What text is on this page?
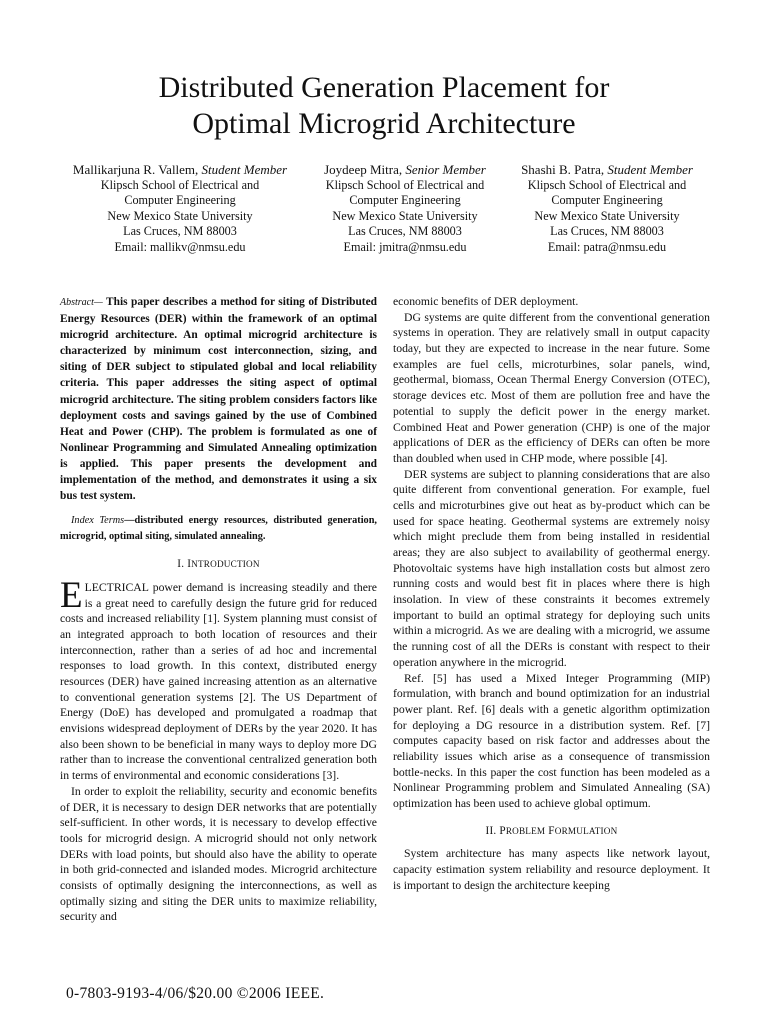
Distributed Generation Placement for
Optimal Microgrid Architecture
Mallikarjuna R. Vallem, Student Member
Klipsch School of Electrical and
Computer Engineering
New Mexico State University
Las Cruces, NM 88003
Email: mallikv@nmsu.edu
Joydeep Mitra, Senior Member
Klipsch School of Electrical and
Computer Engineering
New Mexico State University
Las Cruces, NM 88003
Email: jmitra@nmsu.edu
Shashi B. Patra, Student Member
Klipsch School of Electrical and
Computer Engineering
New Mexico State University
Las Cruces, NM 88003
Email: patra@nmsu.edu

Abstract— This paper describes a method for siting of Distributed Energy Resources (DER) within the framework of an optimal microgrid architecture. An optimal microgrid architecture is characterized by minimum cost interconnection, sizing, and siting of DER subject to stipulated global and local reliability criteria. This paper addresses the siting aspect of optimal microgrid architecture. The siting problem considers factors like deployment costs and savings gained by the use of Combined Heat and Power (CHP). The problem is formulated as one of Nonlinear Programming and Simulated Annealing optimization is applied. This paper presents the development and implementation of the method, and demonstrates it using a six bus test system.

Index Terms—distributed energy resources, distributed generation, microgrid, optimal siting, simulated annealing.

I. INTRODUCTION

ELECTRICAL power demand is increasing steadily and there is a great need to carefully design the future grid for reduced costs and increased reliability [1]. System planning must consist of an integrated approach to both location of resources and their interconnection, rather than a series of ad hoc and incremental responses to load growth. In this context, distributed energy resources (DER) have gained increasing attention as an alternative to conventional generation systems [2]. The US Department of Energy (DoE) has developed and promulgated a roadmap that envisions widespread deployment of DERs by the year 2020. It has also been shown to be beneficial in many ways to deploy more DG rather than to increase the conventional centralized generation both in terms of environmental and economic considerations [3].

In order to exploit the reliability, security and economic benefits of DER, it is necessary to design DER networks that are potentially self-sufficient. In other words, it is necessary to develop effective tools for microgrid design. A microgrid should not only network DERs with load points, but should also have the ability to operate in both grid-connected and islanded modes. Microgrid architecture consists of optimally designing the interconnections, as well as optimally sizing and siting the DER units to maximize reliability, security and

economic benefits of DER deployment.

DG systems are quite different from the conventional generation systems in operation. They are relatively small in output capacity today, but they are expected to increase in the near future. Some examples are fuel cells, microturbines, solar panels, wind, geothermal, biomass, Ocean Thermal Energy Conversion (OTEC), storage devices etc. Most of them are pollution free and have the potential to supply the deficit power in the energy market. Combined Heat and Power generation (CHP) is one of the major applications of DER as the efficiency of DERs can often be more than doubled when used in CHP mode, where possible [4].

DER systems are subject to planning considerations that are also quite different from conventional generation. For example, fuel cells and microturbines give out heat as by-product which can be used for space heating. Geothermal systems are extremely noisy which might preclude them from being installed in residential areas; they are also subject to availability of geothermal energy. Photovoltaic systems have high installation costs but almost zero running costs and would best fit in places where there is high insolation. In view of these constraints it becomes extremely important to build an optimal strategy for deploying such units within a microgrid. As we are dealing with a microgrid, we assume the running cost of all the DERs is constant with respect to their operation anywhere in the microgrid.

Ref. [5] has used a Mixed Integer Programming (MIP) formulation, with branch and bound optimization for an industrial power plant. Ref. [6] deals with a genetic algorithm optimization for deploying a DG resource in a distribution system. Ref. [7] computes capacity based on risk factor and addresses about the reliability issues which arise as a consequence of transmission bottle-necks. In this paper the cost function has been modeled as a Nonlinear Programming problem and Simulated Annealing (SA) optimization has been used to achieve global optimum.

II. PROBLEM FORMULATION

System architecture has many aspects like network layout, capacity estimation system reliability and resource deployment. It is important to design the architecture keeping

0-7803-9193-4/06/$20.00 ©2006 IEEE.
